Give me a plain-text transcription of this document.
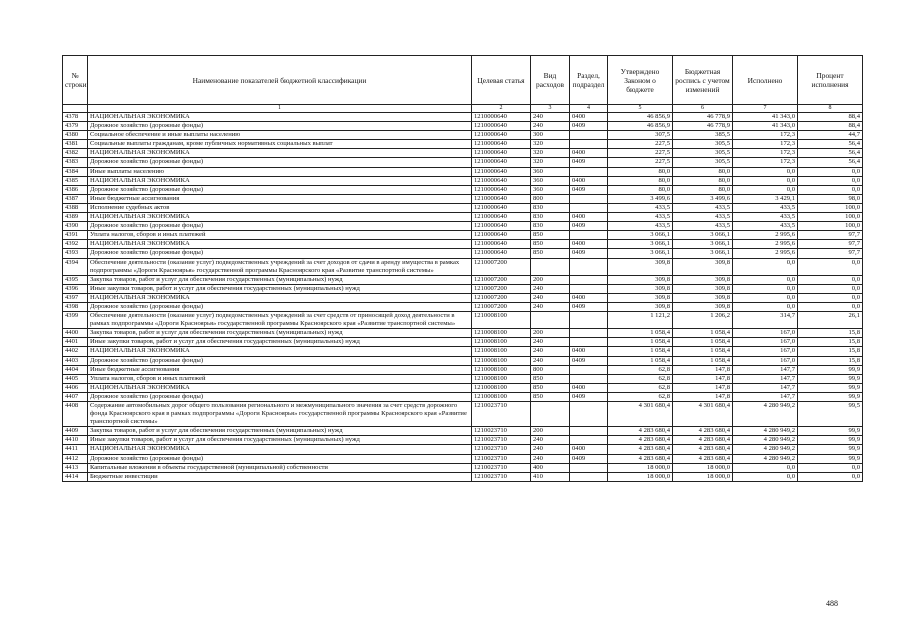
№ строки	Наименование показателей бюджетной классификации	Целевая статья	Вид расходов	Раздел, подраздел	Утверждено Законом о бюджете	Бюджетная роспись с учетом изменений	Исполнено	Процент исполнения
	1	2	3	4	5	6	7	8
4378	НАЦИОНАЛЬНАЯ ЭКОНОМИКА	1210000640	240	0400	46 856,9	46 778,9	41 343,0	88,4
4379	Дорожное хозяйство (дорожные фонды)	1210000640	240	0409	46 856,9	46 778,9	41 343,0	88,4
4380	Социальное обеспечение и иные выплаты населению	1210000640	300		307,5	385,5	172,3	44,7
4381	Социальные выплаты гражданам, кроме публичных нормативных социальных выплат	1210000640	320		227,5	305,5	172,3	56,4
4382	НАЦИОНАЛЬНАЯ ЭКОНОМИКА	1210000640	320	0400	227,5	305,5	172,3	56,4
4383	Дорожное хозяйство (дорожные фонды)	1210000640	320	0409	227,5	305,5	172,3	56,4
4384	Иные выплаты населению	1210000640	360		80,0	80,0	0,0	0,0
4385	НАЦИОНАЛЬНАЯ ЭКОНОМИКА	1210000640	360	0400	80,0	80,0	0,0	0,0
4386	Дорожное хозяйство (дорожные фонды)	1210000640	360	0409	80,0	80,0	0,0	0,0
4387	Иные бюджетные ассигнования	1210000640	800		3 499,6	3 499,6	3 429,1	98,0
4388	Исполнение судебных актов	1210000640	830		433,5	433,5	433,5	100,0
4389	НАЦИОНАЛЬНАЯ ЭКОНОМИКА	1210000640	830	0400	433,5	433,5	433,5	100,0
4390	Дорожное хозяйство (дорожные фонды)	1210000640	830	0409	433,5	433,5	433,5	100,0
4391	Уплата налогов, сборов и иных платежей	1210000640	850		3 066,1	3 066,1	2 995,6	97,7
4392	НАЦИОНАЛЬНАЯ ЭКОНОМИКА	1210000640	850	0400	3 066,1	3 066,1	2 995,6	97,7
4393	Дорожное хозяйство (дорожные фонды)	1210000640	850	0409	3 066,1	3 066,1	2 995,6	97,7
4394	Обеспечение деятельности (оказание услуг) подведомственных учреждений за счет доходов от сдачи в аренду имущества в рамках подпрограммы «Дороги Красноярья» государственной программы Красноярского края «Развитие транспортной системы»	1210007200			309,8	309,8	0,0	0,0
4395	Закупка товаров, работ и услуг для обеспечения государственных (муниципальных) нужд	1210007200	200		309,8	309,8	0,0	0,0
4396	Иные закупки товаров, работ и услуг для обеспечения государственных (муниципальных) нужд	1210007200	240		309,8	309,8	0,0	0,0
4397	НАЦИОНАЛЬНАЯ ЭКОНОМИКА	1210007200	240	0400	309,8	309,8	0,0	0,0
4398	Дорожное хозяйство (дорожные фонды)	1210007200	240	0409	309,8	309,8	0,0	0,0
4399	Обеспечение деятельности (оказание услуг) подведомственных учреждений за счет средств от приносящей доход деятельности в рамках подпрограммы «Дороги Красноярья» государственной программы Красноярского края «Развитие транспортной системы»	1210008100			1 121,2	1 206,2	314,7	26,1
4400	Закупка товаров, работ и услуг для обеспечения государственных (муниципальных) нужд	1210008100	200		1 058,4	1 058,4	167,0	15,8
4401	Иные закупки товаров, работ и услуг для обеспечения государственных (муниципальных) нужд	1210008100	240		1 058,4	1 058,4	167,0	15,8
4402	НАЦИОНАЛЬНАЯ ЭКОНОМИКА	1210008100	240	0400	1 058,4	1 058,4	167,0	15,8
4403	Дорожное хозяйство (дорожные фонды)	1210008100	240	0409	1 058,4	1 058,4	167,0	15,8
4404	Иные бюджетные ассигнования	1210008100	800		62,8	147,8	147,7	99,9
4405	Уплата налогов, сборов и иных платежей	1210008100	850		62,8	147,8	147,7	99,9
4406	НАЦИОНАЛЬНАЯ ЭКОНОМИКА	1210008100	850	0400	62,8	147,8	147,7	99,9
4407	Дорожное хозяйство (дорожные фонды)	1210008100	850	0409	62,8	147,8	147,7	99,9
4408	Содержание автомобильных дорог общего пользования регионального и межмуниципального значения за счет средств дорожного фонда Красноярского края в рамках подпрограммы «Дороги Красноярья» государственной программы Красноярского края «Развитие транспортной системы»	1210023710			4 301 680,4	4 301 680,4	4 280 949,2	99,5
4409	Закупка товаров, работ и услуг для обеспечения государственных (муниципальных) нужд	1210023710	200		4 283 680,4	4 283 680,4	4 280 949,2	99,9
4410	Иные закупки товаров, работ и услуг для обеспечения государственных (муниципальных) нужд	1210023710	240		4 283 680,4	4 283 680,4	4 280 949,2	99,9
4411	НАЦИОНАЛЬНАЯ ЭКОНОМИКА	1210023710	240	0400	4 283 680,4	4 283 680,4	4 280 949,2	99,9
4412	Дорожное хозяйство (дорожные фонды)	1210023710	240	0409	4 283 680,4	4 283 680,4	4 280 949,2	99,9
4413	Капитальные вложения в объекты государственной (муниципальной) собственности	1210023710	400		18 000,0	18 000,0	0,0	0,0
4414	Бюджетные инвестиции	1210023710	410		18 000,0	18 000,0	0,0	0,0
488
